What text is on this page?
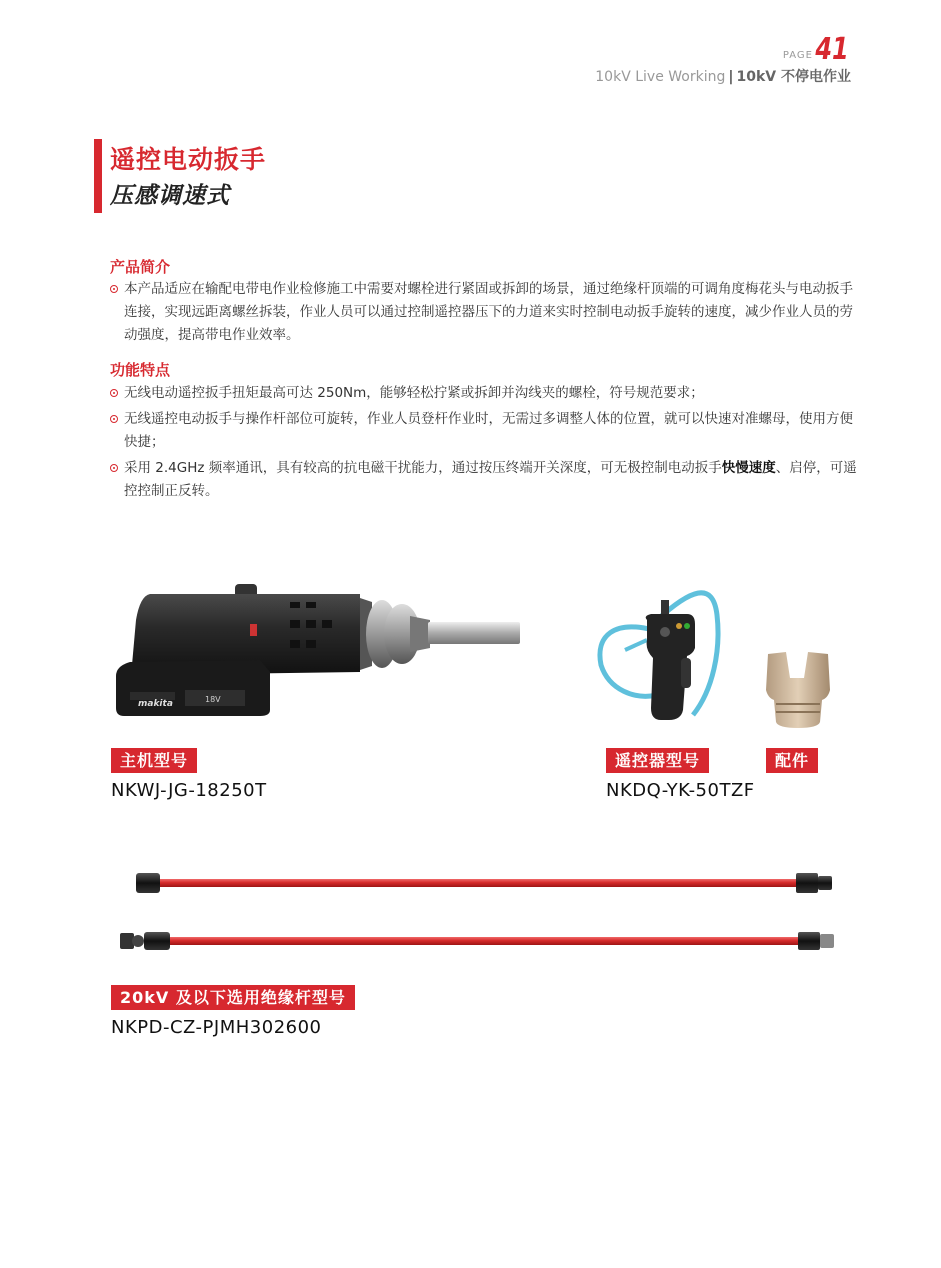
PAGE 41
10kV Live Working | 10kV 不停电作业
遥控电动扳手
压感调速式
产品简介
本产品适应在输配电带电作业检修施工中需要对螺栓进行紧固或拆卸的场景，通过绝缘杆顶端的可调角度梅花头与电动扳手连接，实现远距离螺丝拆装，作业人员可以通过控制遥控器压下的力道来实时控制电动扳手旋转的速度，减少作业人员的劳动强度，提高带电作业效率。
功能特点
无线电动遥控扳手扭矩最高可达 250Nm，能够轻松拧紧或拆卸并沟线夹的螺栓，符号规范要求；
无线遥控电动扳手与操作杆部位可旋转，作业人员登杆作业时，无需过多调整人体的位置，就可以快速对准螺母，使用方便快捷；
采用 2.4GHz 频率通讯，具有较高的抗电磁干扰能力，通过按压终端开关深度，可无极控制电动扳手快慢速度、启停，可遥控控制正反转。
makita	18V
主机型号
NKWJ-JG-18250T
遥控器型号
NKDQ-YK-50TZF
配件
20kV 及以下选用绝缘杆型号
NKPD-CZ-PJMH302600
